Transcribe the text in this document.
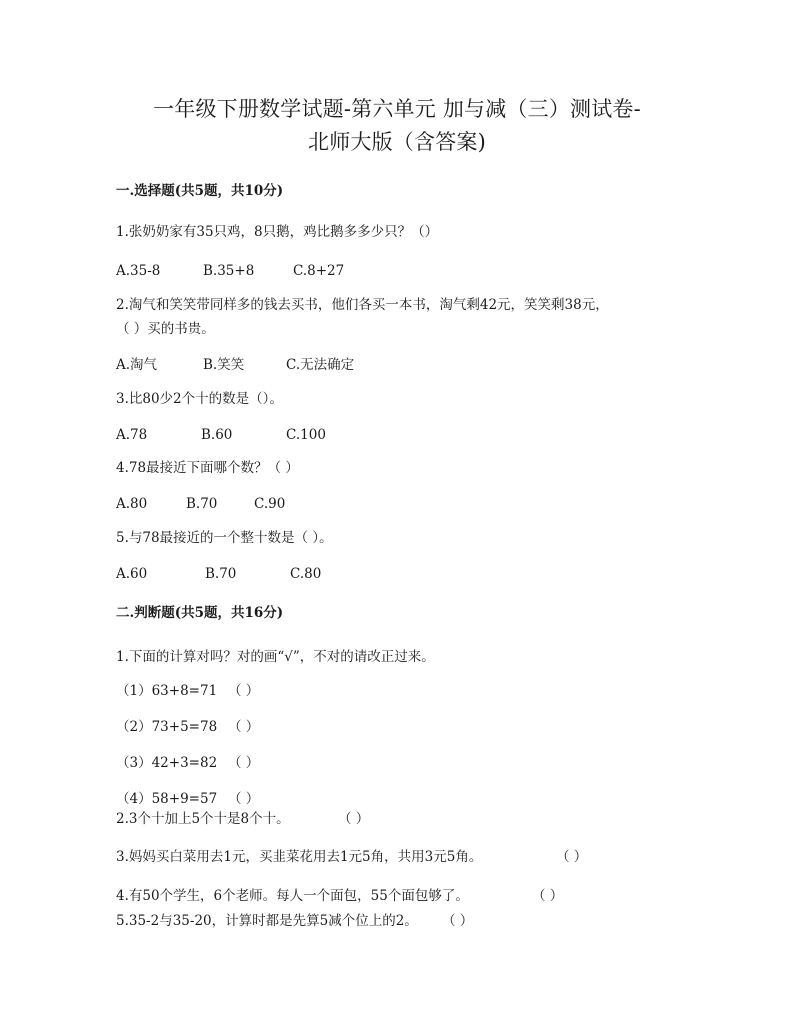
一年级下册数学试题-第六单元 加与减（三）测试卷-
北师大版（含答案)
一.选择题(共5题，共10分)
1.张奶奶家有35只鸡，8只鹅，鸡比鹅多多少只？（）
A.35-8	B.35+8	C.8+27
2.淘气和笑笑带同样多的钱去买书，他们各买一本书，淘气剩42元，笑笑剩38元，
（ ）买的书贵。
A.淘气	B.笑笑	C.无法确定
3.比80少2个十的数是（）。
A.78	B.60	C.100
4.78最接近下面哪个数？（ ）
A.80	B.70	C.90
5.与78最接近的一个整十数是（ ）。
A.60	B.70	C.80
二.判断题(共5题，共16分)
1.下面的计算对吗？对的画“√”，不对的请改正过来。
（1）63+8=71 （ ）
（2）73+5=78 （ ）
（3）42+3=82 （ ）
（4）58+9=57 （ ）
2.3个十加上5个十是8个十。	（ ）
3.妈妈买白菜用去1元，买韭菜花用去1元5角，共用3元5角。	（ ）
4.有50个学生，6个老师。每人一个面包，55个面包够了。	（ ）
5.35-2与35-20，计算时都是先算5减个位上的2。 （ ）
